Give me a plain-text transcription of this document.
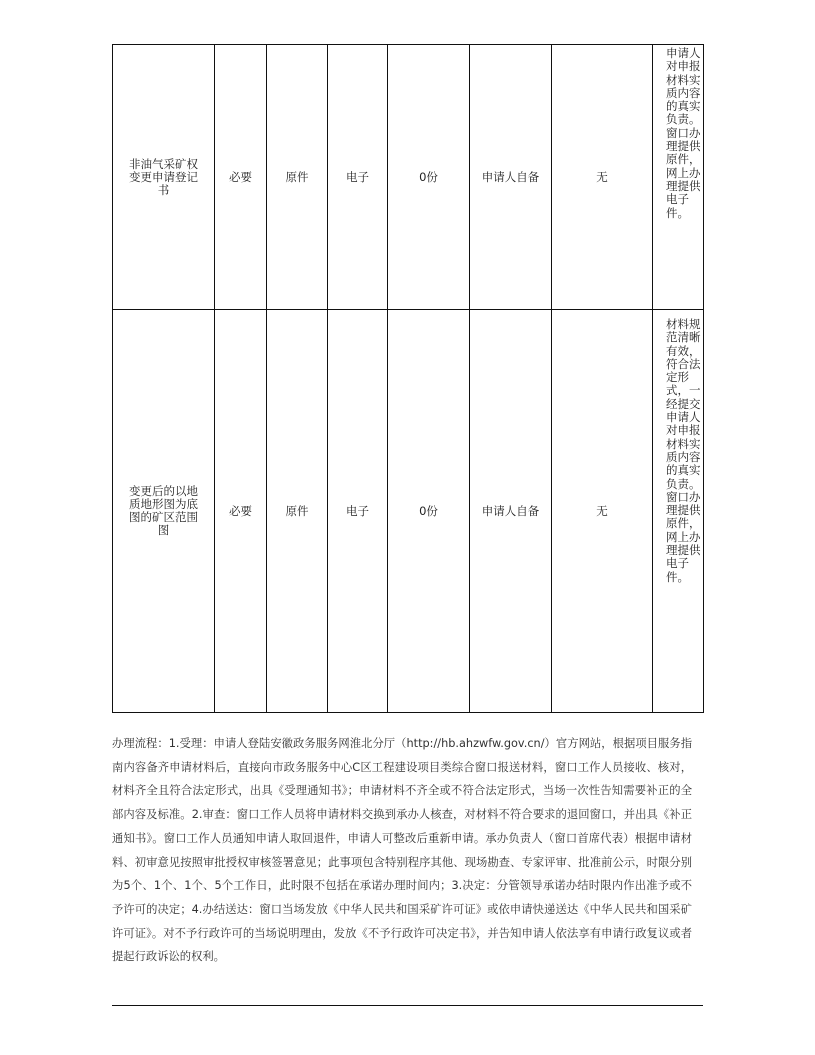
非油气采矿权变更申请登记书	必要	原件	电子	0份	申请人自备	无	申请人对申报材料实质内容的真实负责。窗口办理提供原件，网上办理提供电子件。

变更后的以地质地形图为底图的矿区范围图	必要	原件	电子	0份	申请人自备	无	材料规范清晰有效，符合法定形式，一经提交申请人对申报材料实质内容的真实负责。窗口办理提供原件，网上办理提供电子件。
办理流程：1.受理：申请人登陆安徽政务服务网淮北分厅（http://hb.ahzwfw.gov.cn/）官方网站，根据项目服务指南内容备齐申请材料后，直接向市政务服务中心C区工程建设项目类综合窗口报送材料，窗口工作人员接收、核对，材料齐全且符合法定形式，出具《受理通知书》；申请材料不齐全或不符合法定形式，当场一次性告知需要补正的全部内容及标准。2.审查：窗口工作人员将申请材料交换到承办人核查，对材料不符合要求的退回窗口，并出具《补正通知书》。窗口工作人员通知申请人取回退件，申请人可整改后重新申请。承办负责人（窗口首席代表）根据申请材料、初审意见按照审批授权审核签署意见；此事项包含特别程序其他、现场勘查、专家评审、批准前公示，时限分别为5个、1个、1个、5个工作日，此时限不包括在承诺办理时间内；3.决定：分管领导承诺办结时限内作出准予或不予许可的决定；4.办结送达：窗口当场发放《中华人民共和国采矿许可证》或依申请快递送达《中华人民共和国采矿许可证》。对不予行政许可的当场说明理由，发放《不予行政许可决定书》，并告知申请人依法享有申请行政复议或者提起行政诉讼的权利。
